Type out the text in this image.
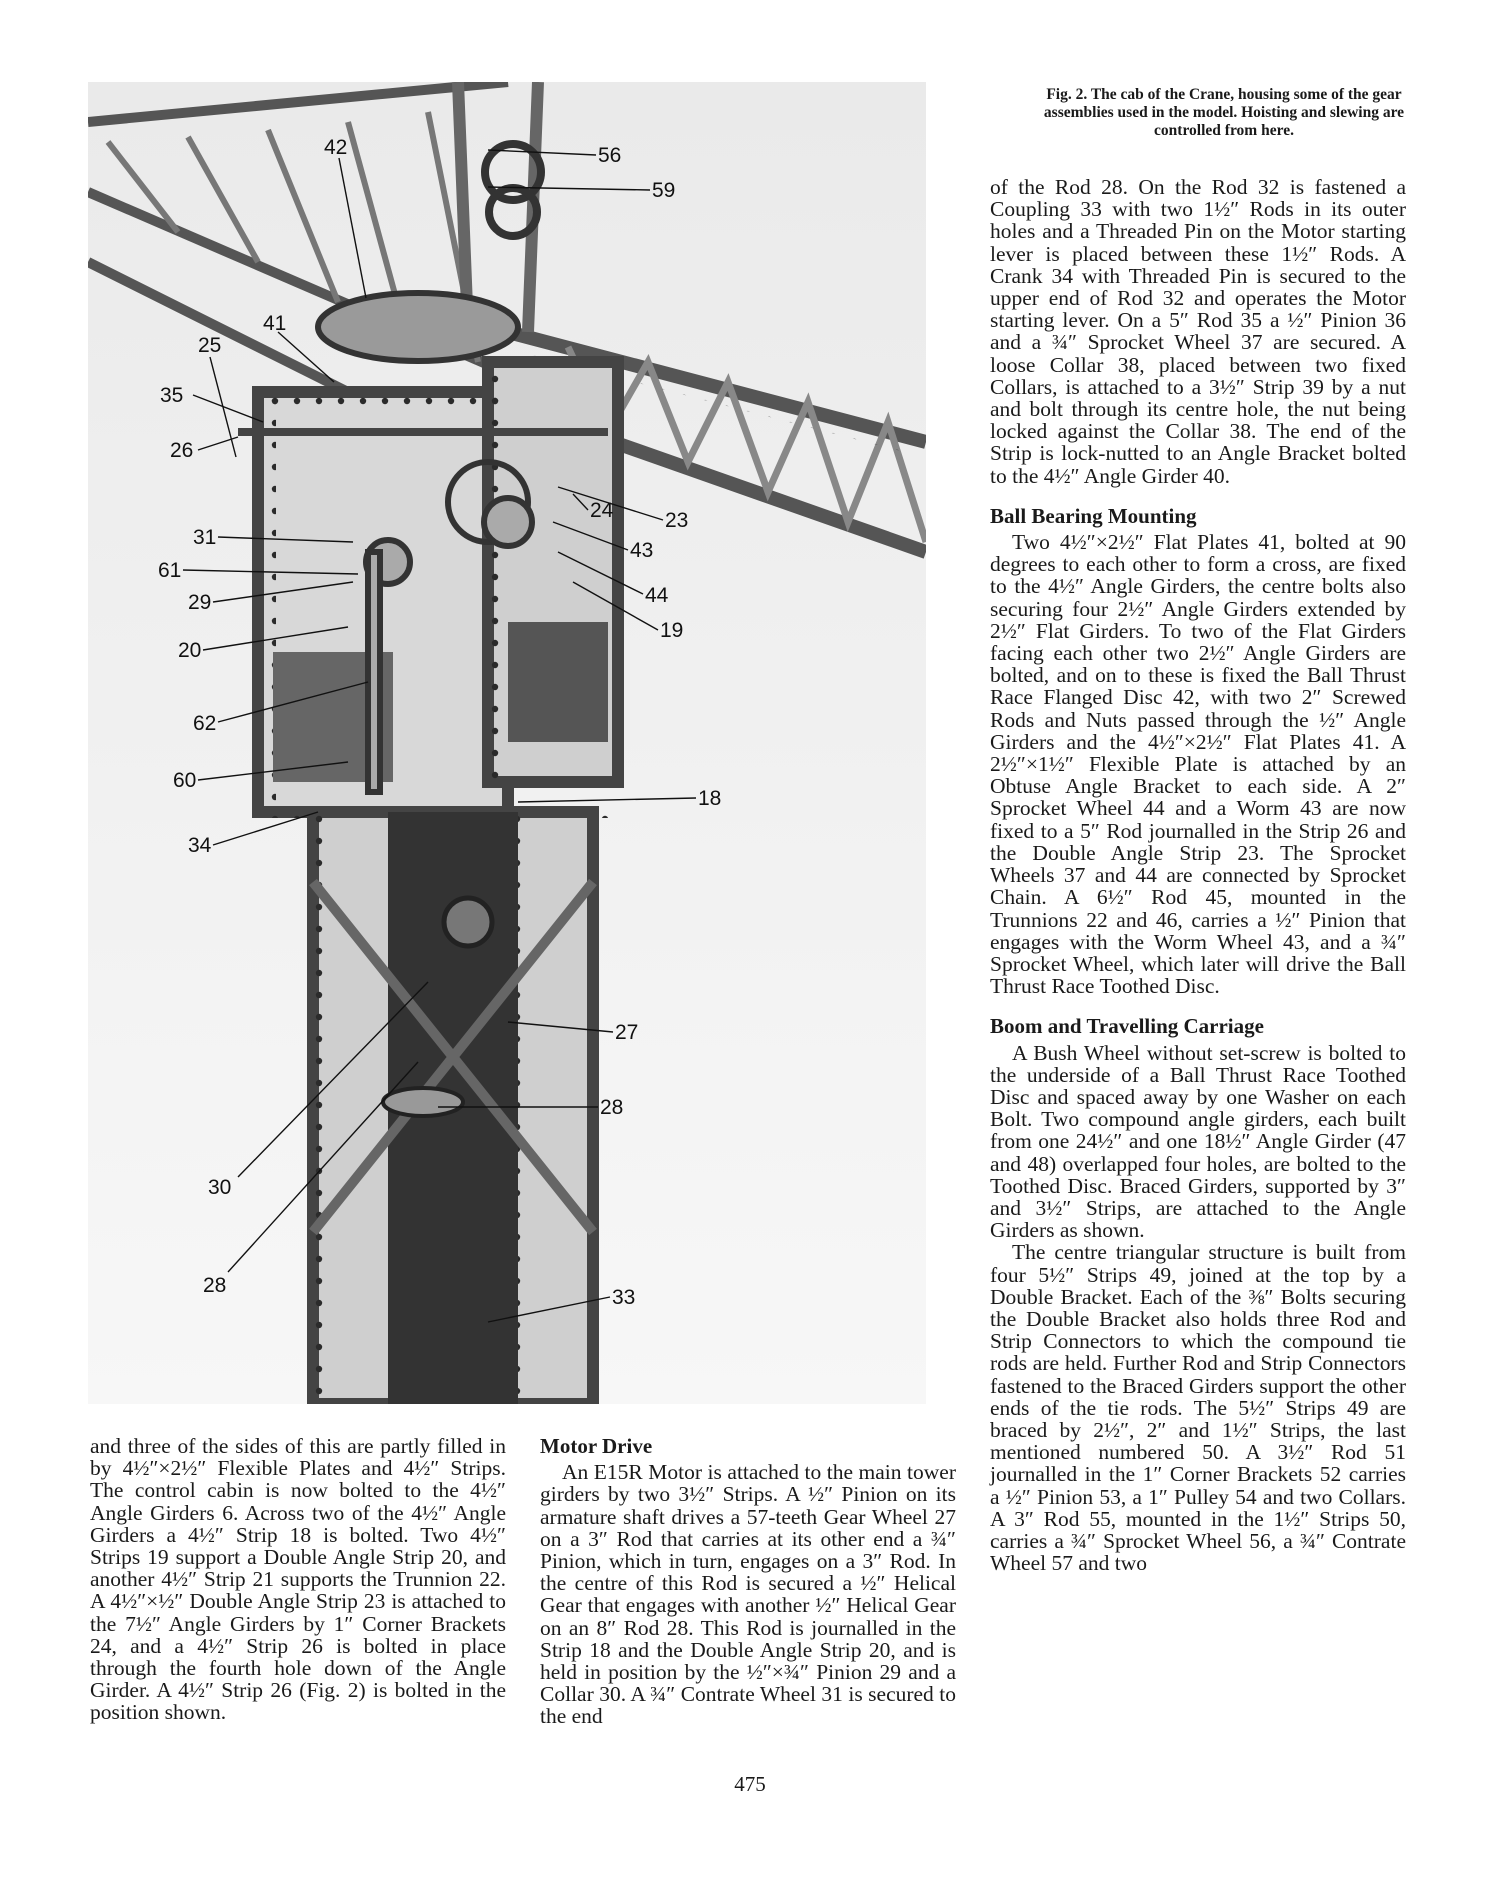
56
59
42
41
25
35
26
24 23
31
43
61
29	44
20
19
62
60
18
34
27
28
30
28
33
Fig. 2. The cab of the Crane, housing some of the gear assemblies used in the model. Hoisting and slewing are controlled from here.

of the Rod 28. On the Rod 32 is fastened a Coupling 33 with two 1½″ Rods in its outer holes and a Threaded Pin on the Motor starting lever is placed between these 1½″ Rods. A Crank 34 with Threaded Pin is secured to the upper end of Rod 32 and operates the Motor starting lever. On a 5″ Rod 35 a ½″ Pinion 36 and a ¾″ Sprocket Wheel 37 are secured. A loose Collar 38, placed between two fixed Collars, is attached to a 3½″ Strip 39 by a nut and bolt through its centre hole, the nut being locked against the Collar 38. The end of the Strip is lock-nutted to an Angle Bracket bolted to the 4½″ Angle Girder 40.

Ball Bearing Mounting

Two 4½″×2½″ Flat Plates 41, bolted at 90 degrees to each other to form a cross, are fixed to the 4½″ Angle Girders, the centre bolts also securing four 2½″ Angle Girders extended by 2½″ Flat Girders. To two of the Flat Girders facing each other two 2½″ Angle Girders are bolted, and on to these is fixed the Ball Thrust Race Flanged Disc 42, with two 2″ Screwed Rods and Nuts passed through the ½″ Angle Girders and the 4½″×2½″ Flat Plates 41. A 2½″×1½″ Flexible Plate is attached by an Obtuse Angle Bracket to each side. A 2″ Sprocket Wheel 44 and a Worm 43 are now fixed to a 5″ Rod journalled in the Strip 26 and the Double Angle Strip 23. The Sprocket Wheels 37 and 44 are connected by Sprocket Chain. A 6½″ Rod 45, mounted in the Trunnions 22 and 46, carries a ½″ Pinion that engages with the Worm Wheel 43, and a ¾″ Sprocket Wheel, which later will drive the Ball Thrust Race Toothed Disc.

Boom and Travelling Carriage

A Bush Wheel without set-screw is bolted to the underside of a Ball Thrust Race Toothed Disc and spaced away by one Washer on each Bolt. Two compound angle girders, each built from one 24½″ and one 18½″ Angle Girder (47 and 48) overlapped four holes, are bolted to the Toothed Disc. Braced Girders, supported by 3″ and 3½″ Strips, are attached to the Angle Girders as shown.

The centre triangular structure is built from four 5½″ Strips 49, joined at the top by a Double Bracket. Each of the ⅜″ Bolts securing the Double Bracket also holds three Rod and Strip Connectors to which the compound tie rods are held. Further Rod and Strip Connectors fastened to the Braced Girders support the other ends of the tie rods. The 5½″ Strips 49 are braced by 2½″, 2″ and 1½″ Strips, the last mentioned numbered 50. A 3½″ Rod 51 journalled in the 1″ Corner Brackets 52 carries a ½″ Pinion 53, a 1″ Pulley 54 and two Collars. A 3″ Rod 55, mounted in the 1½″ Strips 50, carries a ¾″ Sprocket Wheel 56, a ¾″ Contrate Wheel 57 and two

and three of the sides of this are partly filled in by 4½″×2½″ Flexible Plates and 4½″ Strips. The control cabin is now bolted to the 4½″ Angle Girders 6. Across two of the 4½″ Angle Girders a 4½″ Strip 18 is bolted. Two 4½″ Strips 19 support a Double Angle Strip 20, and another 4½″ Strip 21 supports the Trunnion 22. A 4½″×½″ Double Angle Strip 23 is attached to the 7½″ Angle Girders by 1″ Corner Brackets 24, and a 4½″ Strip 26 is bolted in place through the fourth hole down of the Angle Girder. A 4½″ Strip 26 (Fig. 2) is bolted in the position shown.

Motor Drive

An E15R Motor is attached to the main tower girders by two 3½″ Strips. A ½″ Pinion on its armature shaft drives a 57-teeth Gear Wheel 27 on a 3″ Rod that carries at its other end a ¾″ Pinion, which in turn, engages on a 3″ Rod. In the centre of this Rod is secured a ½″ Helical Gear that engages with another ½″ Helical Gear on an 8″ Rod 28. This Rod is journalled in the Strip 18 and the Double Angle Strip 20, and is held in position by the ½″×¾″ Pinion 29 and a Collar 30. A ¾″ Contrate Wheel 31 is secured to the end

475
